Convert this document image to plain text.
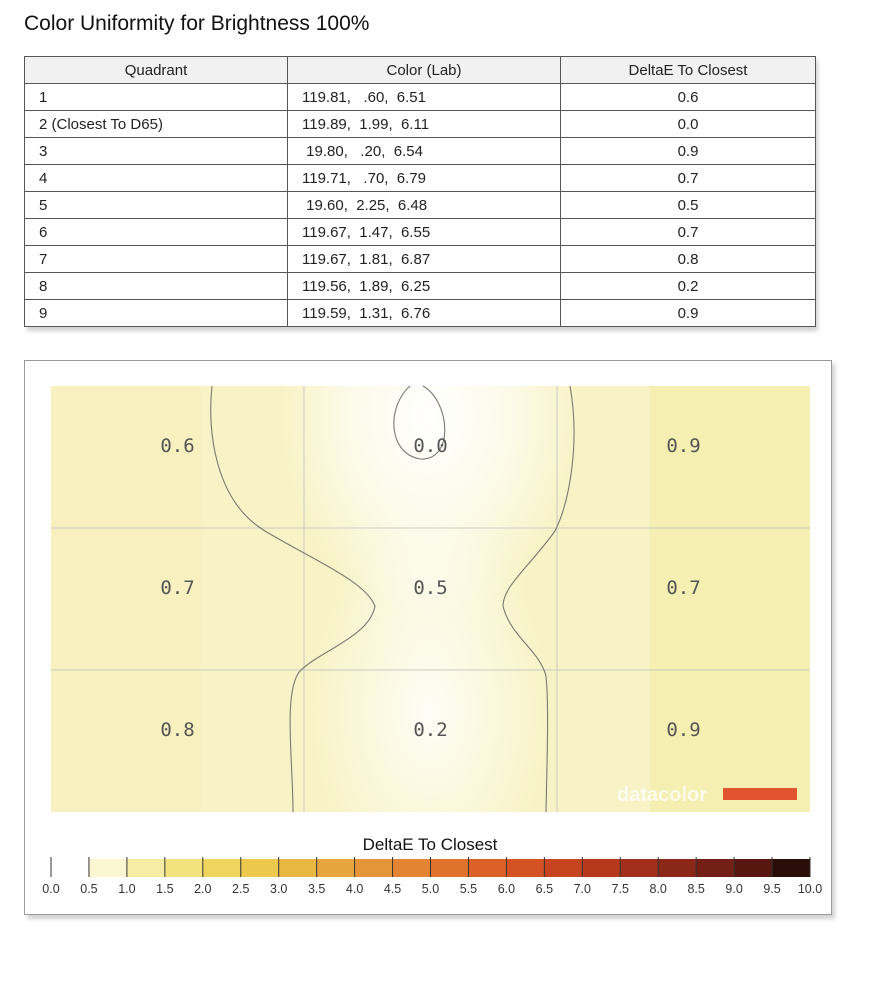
Color Uniformity for Brightness 100%
Quadrant	Color (Lab)	DeltaE To Closest
1	119.81,   .60,  6.51	0.6
2 (Closest To D65)	119.89,  1.99,  6.11	0.0
3	19.80,   .20,  6.54	0.9
4	119.71,   .70,  6.79	0.7
5	19.60,  2.25,  6.48	0.5
6	119.67,  1.47,  6.55	0.7
7	119.67,  1.81,  6.87	0.8
8	119.56,  1.89,  6.25	0.2
9	119.59,  1.31,  6.76	0.9
0.6	0.0	0.9
0.7	0.5	0.7
0.8	0.2	0.9
datacolor
DeltaE To Closest
0.0 0.5 1.0 1.5 2.0 2.5 3.0 3.5 4.0 4.5 5.0 5.5 6.0 6.5 7.0 7.5 8.0 8.5 9.0 9.5 10.0
